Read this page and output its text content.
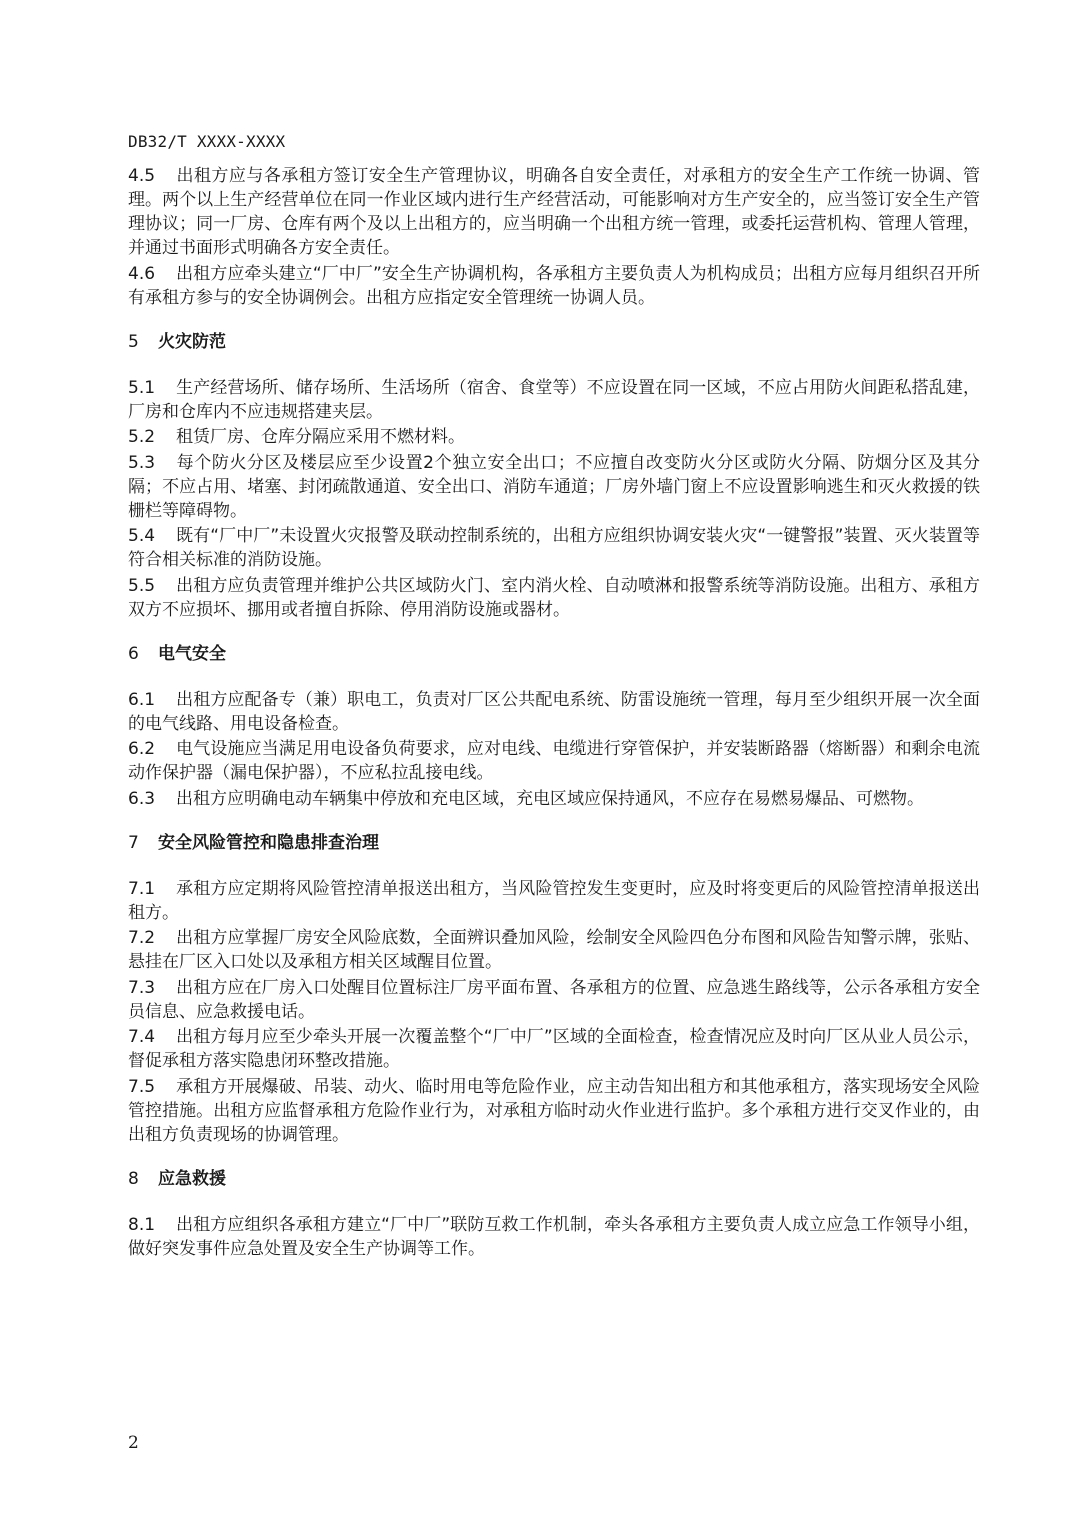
DB32/T XXXX-XXXX

4.5 出租方应与各承租方签订安全生产管理协议，明确各自安全责任，对承租方的安全生产工作统一协调、管理。两个以上生产经营单位在同一作业区域内进行生产经营活动，可能影响对方生产安全的，应当签订安全生产管理协议；同一厂房、仓库有两个及以上出租方的，应当明确一个出租方统一管理，或委托运营机构、管理人管理，并通过书面形式明确各方安全责任。

4.6 出租方应牵头建立“厂中厂”安全生产协调机构，各承租方主要负责人为机构成员；出租方应每月组织召开所有承租方参与的安全协调例会。出租方应指定安全管理统一协调人员。

5 火灾防范

5.1 生产经营场所、储存场所、生活场所（宿舍、食堂等）不应设置在同一区域，不应占用防火间距私搭乱建，厂房和仓库内不应违规搭建夹层。

5.2 租赁厂房、仓库分隔应采用不燃材料。

5.3 每个防火分区及楼层应至少设置2个独立安全出口；不应擅自改变防火分区或防火分隔、防烟分区及其分隔；不应占用、堵塞、封闭疏散通道、安全出口、消防车通道；厂房外墙门窗上不应设置影响逃生和灭火救援的铁栅栏等障碍物。

5.4 既有“厂中厂”未设置火灾报警及联动控制系统的，出租方应组织协调安装火灾“一键警报”装置、灭火装置等符合相关标准的消防设施。

5.5 出租方应负责管理并维护公共区域防火门、室内消火栓、自动喷淋和报警系统等消防设施。出租方、承租方双方不应损坏、挪用或者擅自拆除、停用消防设施或器材。

6 电气安全

6.1 出租方应配备专（兼）职电工，负责对厂区公共配电系统、防雷设施统一管理，每月至少组织开展一次全面的电气线路、用电设备检查。

6.2 电气设施应当满足用电设备负荷要求，应对电线、电缆进行穿管保护，并安装断路器（熔断器）和剩余电流动作保护器（漏电保护器），不应私拉乱接电线。

6.3 出租方应明确电动车辆集中停放和充电区域，充电区域应保持通风，不应存在易燃易爆品、可燃物。

7 安全风险管控和隐患排查治理

7.1 承租方应定期将风险管控清单报送出租方，当风险管控发生变更时，应及时将变更后的风险管控清单报送出租方。

7.2 出租方应掌握厂房安全风险底数，全面辨识叠加风险，绘制安全风险四色分布图和风险告知警示牌，张贴、悬挂在厂区入口处以及承租方相关区域醒目位置。

7.3 出租方应在厂房入口处醒目位置标注厂房平面布置、各承租方的位置、应急逃生路线等，公示各承租方安全员信息、应急救援电话。

7.4 出租方每月应至少牵头开展一次覆盖整个“厂中厂”区域的全面检查，检查情况应及时向厂区从业人员公示，督促承租方落实隐患闭环整改措施。

7.5 承租方开展爆破、吊装、动火、临时用电等危险作业，应主动告知出租方和其他承租方，落实现场安全风险管控措施。出租方应监督承租方危险作业行为，对承租方临时动火作业进行监护。多个承租方进行交叉作业的，由出租方负责现场的协调管理。

8 应急救援

8.1 出租方应组织各承租方建立“厂中厂”联防互救工作机制，牵头各承租方主要负责人成立应急工作领导小组，做好突发事件应急处置及安全生产协调等工作。

2
